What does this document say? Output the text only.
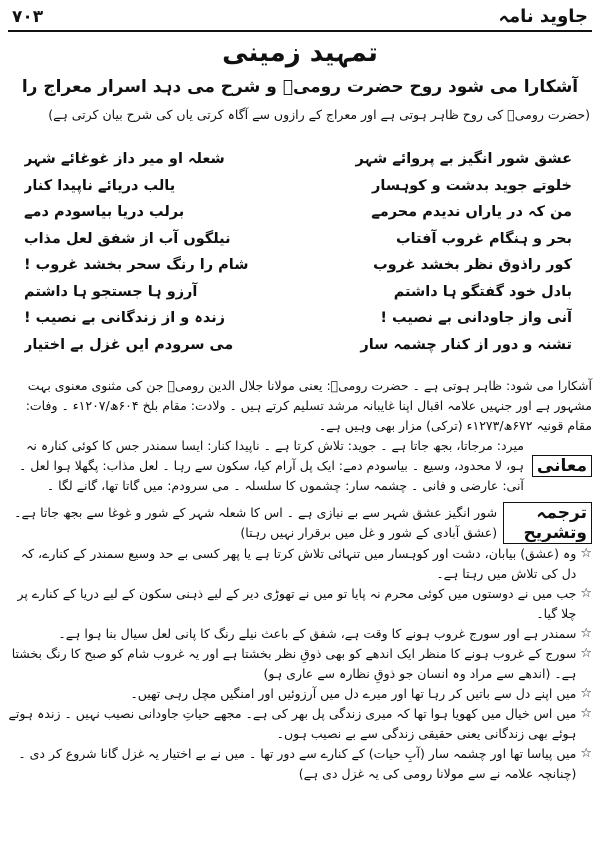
جاوید نامہ
۷۰۳
تمہید زمینی
آشکارا می شود روح حضرت رومیؒ و شرح می دہد اسرار معراج را
(حضرت رومیؒ کی روح ظاہر ہوتی ہے اور معراج کے رازوں سے آگاہ کرتی یاں کی شرح بیان کرتی ہے)
عشق شور انگیز بے پروائے شہر
شعلہ او میر داز غوغائے شہر
خلوتے جوید بدشت و کوہسار
یالب دریائے ناپیدا کنار
من کہ در یاراں ندیدم محرمے
برلب دریا بیاسودم دمے
بحر و ہنگام غروب آفتاب
نیلگوں آب از شفق لعل مذاب
کور راذوق نظر بخشد غروب
شام را رنگ سحر بخشد غروب !
بادل خود گفتگو ہا داشتم
آرزو ہا جستجو ہا داشتم
آنی واز جاودانی بے نصیب !
زندہ و از زندگانی بے نصیب !
تشنہ و دور از کنار چشمہ سار
می سرودم ایں غزل بے اختیار

آشکارا می شود: ظاہر ہوتی ہے ۔ حضرت رومیؒ: یعنی مولانا جلال الدین رومیؒ جن کی مثنوی معنوی بہت مشہور ہے اور جنہیں علامہ اقبال اپنا غایبانہ مرشد تسلیم کرتے ہیں ۔ ولادت: مقام بلخ ۶۰۴ھ/۱۲۰۷ء ۔ وفات: مقام قونیہ ۶۷۲ھ/۱۲۷۳ء (ترکی) مزار بھی وہیں ہے۔

معانی
میرد: مرجاتا، بجھ جاتا ہے ۔ جوید: تلاش کرتا ہے ۔ ناپیدا کنار: ایسا سمندر جس کا کوئی کنارہ نہ ہو، لا محدود، وسیع ۔ بیاسودم دمے: ایک پل آرام کیا، سکون سے رہا ۔ لعل مذاب: پگھلا ہوا لعل ۔ آنی: عارضی و فانی ۔ چشمہ سار: چشموں کا سلسلہ ۔ می سرودم: میں گاتا تھا، گانے لگا ۔
ترجمہ وتشریح
شور انگیز عشق شہر سے بے نیازی ہے ۔ اس کا شعلہ شہر کے شور و غوغا سے بجھ جاتا ہے۔ (عشق آبادی کے شور و غل میں برقرار نہیں رہتا)
☆
وہ (عشق) بیابان، دشت اور کوہسار میں تنہائی تلاش کرتا ہے یا پھر کسی بے حد وسیع سمندر کے کنارے، کہ دل کی تلاش میں رہتا ہے۔
☆
جب میں نے دوستوں میں کوئی محرم نہ پایا تو میں نے تھوڑی دیر کے لیے ذہنی سکون کے لیے دریا کے کنارے پر چلا گیا۔
☆
سمندر ہے اور سورج غروب ہونے کا وقت ہے، شفق کے باعث نیلے رنگ کا پانی لعل سیال بنا ہوا ہے۔
☆
سورج کے غروب ہونے کا منظر ایک اندھے کو بھی ذوقِ نظر بخشتا ہے اور یہ غروب شام کو صبح کا رنگ بخشتا ہے۔ (اندھے سے مراد وہ انسان جو ذوقِ نظارہ سے عاری ہو)
☆
میں اپنے دل سے باتیں کر رہا تھا اور میرے دل میں آرزوئیں اور امنگیں مچل رہی تھیں۔
☆
میں اس خیال میں کھویا ہوا تھا کہ میری زندگی پل بھر کی ہے۔ مجھے حیاتِ جاودانی نصیب نہیں ۔ زندہ ہوتے ہوئے بھی زندگانی یعنی حقیقی زندگی سے بے نصیب ہوں۔
☆
میں پیاسا تھا اور چشمہ سار (آبِ حیات) کے کنارے سے دور تھا ۔ میں نے بے اختیار یہ غزل گانا شروع کر دی ۔ (چنانچہ علامہ نے سے مولانا رومی کی یہ غزل دی ہے)
